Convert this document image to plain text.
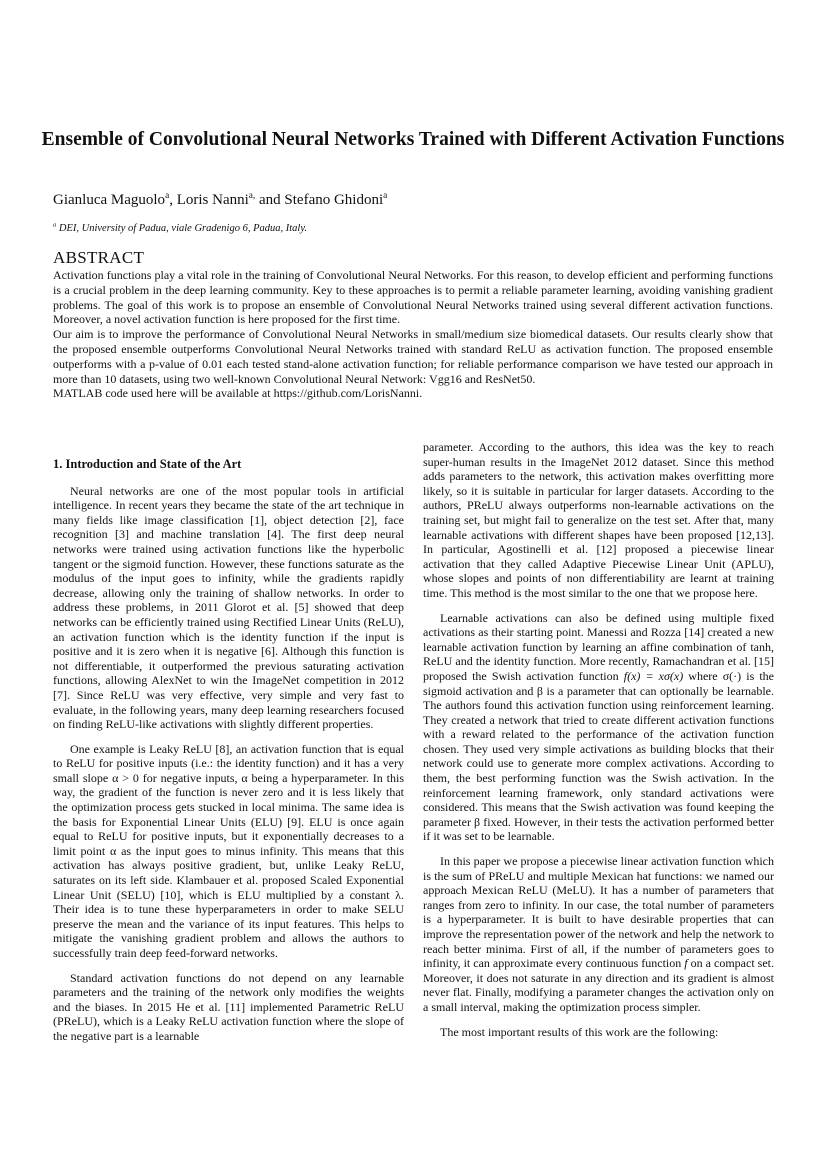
Ensemble of Convolutional Neural Networks Trained with Different Activation Functions
Gianluca Maguolo$^a$, Loris Nanni$^{a,}$ and Stefano Ghidoni$^a$
$^a$ DEI, University of Padua, viale Gradenigo 6, Padua, Italy.
ABSTRACT

Activation functions play a vital role in the training of Convolutional Neural Networks. For this reason, to develop efficient and performing functions is a crucial problem in the deep learning community. Key to these approaches is to permit a reliable parameter learning, avoiding vanishing gradient problems. The goal of this work is to propose an ensemble of Convolutional Neural Networks trained using several different activation functions. Moreover, a novel activation function is here proposed for the first time.

Our aim is to improve the performance of Convolutional Neural Networks in small/medium size biomedical datasets. Our results clearly show that the proposed ensemble outperforms Convolutional Neural Networks trained with standard ReLU as activation function. The proposed ensemble outperforms with a p-value of 0.01 each tested stand-alone activation function; for reliable performance comparison we have tested our approach in more than 10 datasets, using two well-known Convolutional Neural Network: Vgg16 and ResNet50.

MATLAB code used here will be available at https://github.com/LorisNanni.

1. Introduction and State of the Art

Neural networks are one of the most popular tools in artificial intelligence. In recent years they became the state of the art technique in many fields like image classification [1], object detection [2], face recognition [3] and machine translation [4]. The first deep neural networks were trained using activation functions like the hyperbolic tangent or the sigmoid function. However, these functions saturate as the modulus of the input goes to infinity, while the gradients rapidly decrease, allowing only the training of shallow networks. In order to address these problems, in 2011 Glorot et al. [5] showed that deep networks can be efficiently trained using Rectified Linear Units (ReLU), an activation function which is the identity function if the input is positive and it is zero when it is negative [6]. Although this function is not differentiable, it outperformed the previous saturating activation functions, allowing AlexNet to win the ImageNet competition in 2012 [7]. Since ReLU was very effective, very simple and very fast to evaluate, in the following years, many deep learning researchers focused on finding ReLU-like activations with slightly different properties.

One example is Leaky ReLU [8], an activation function that is equal to ReLU for positive inputs (i.e.: the identity function) and it has a very small slope α > 0 for negative inputs, α being a hyperparameter. In this way, the gradient of the function is never zero and it is less likely that the optimization process gets stucked in local minima. The same idea is the basis for Exponential Linear Units (ELU) [9]. ELU is once again equal to ReLU for positive inputs, but it exponentially decreases to a limit point α as the input goes to minus infinity. This means that this activation has always positive gradient, but, unlike Leaky ReLU, saturates on its left side. Klambauer et al. proposed Scaled Exponential Linear Unit (SELU) [10], which is ELU multiplied by a constant λ. Their idea is to tune these hyperparameters in order to make SELU preserve the mean and the variance of its input features. This helps to mitigate the vanishing gradient problem and allows the authors to successfully train deep feed-forward networks.

Standard activation functions do not depend on any learnable parameters and the training of the network only modifies the weights and the biases. In 2015 He et al. [11] implemented Parametric ReLU (PReLU), which is a Leaky ReLU activation function where the slope of the negative part is a learnable

parameter. According to the authors, this idea was the key to reach super-human results in the ImageNet 2012 dataset. Since this method adds parameters to the network, this activation makes overfitting more likely, so it is suitable in particular for larger datasets. According to the authors, PReLU always outperforms non-learnable activations on the training set, but might fail to generalize on the test set. After that, many learnable activations with different shapes have been proposed [12,13]. In particular, Agostinelli et al. [12] proposed a piecewise linear activation that they called Adaptive Piecewise Linear Unit (APLU), whose slopes and points of non differentiability are learnt at training time. This method is the most similar to the one that we propose here.

Learnable activations can also be defined using multiple fixed activations as their starting point. Manessi and Rozza [14] created a new learnable activation function by learning an affine combination of tanh, ReLU and the identity function. More recently, Ramachandran et al. [15] proposed the Swish activation function f(x) = xσ(x) where σ(·) is the sigmoid activation and β is a parameter that can optionally be learnable. The authors found this activation function using reinforcement learning. They created a network that tried to create different activation functions with a reward related to the performance of the activation function chosen. They used very simple activations as building blocks that their network could use to generate more complex activations. According to them, the best performing function was the Swish activation. In the reinforcement learning framework, only standard activations were considered. This means that the Swish activation was found keeping the parameter β fixed. However, in their tests the activation performed better if it was set to be learnable.

In this paper we propose a piecewise linear activation function which is the sum of PReLU and multiple Mexican hat functions: we named our approach Mexican ReLU (MeLU). It has a number of parameters that ranges from zero to infinity. In our case, the total number of parameters is a hyperparameter. It is built to have desirable properties that can improve the representation power of the network and help the network to reach better minima. First of all, if the number of parameters goes to infinity, it can approximate every continuous function f on a compact set. Moreover, it does not saturate in any direction and its gradient is almost never flat. Finally, modifying a parameter changes the activation only on a small interval, making the optimization process simpler.

The most important results of this work are the following:
